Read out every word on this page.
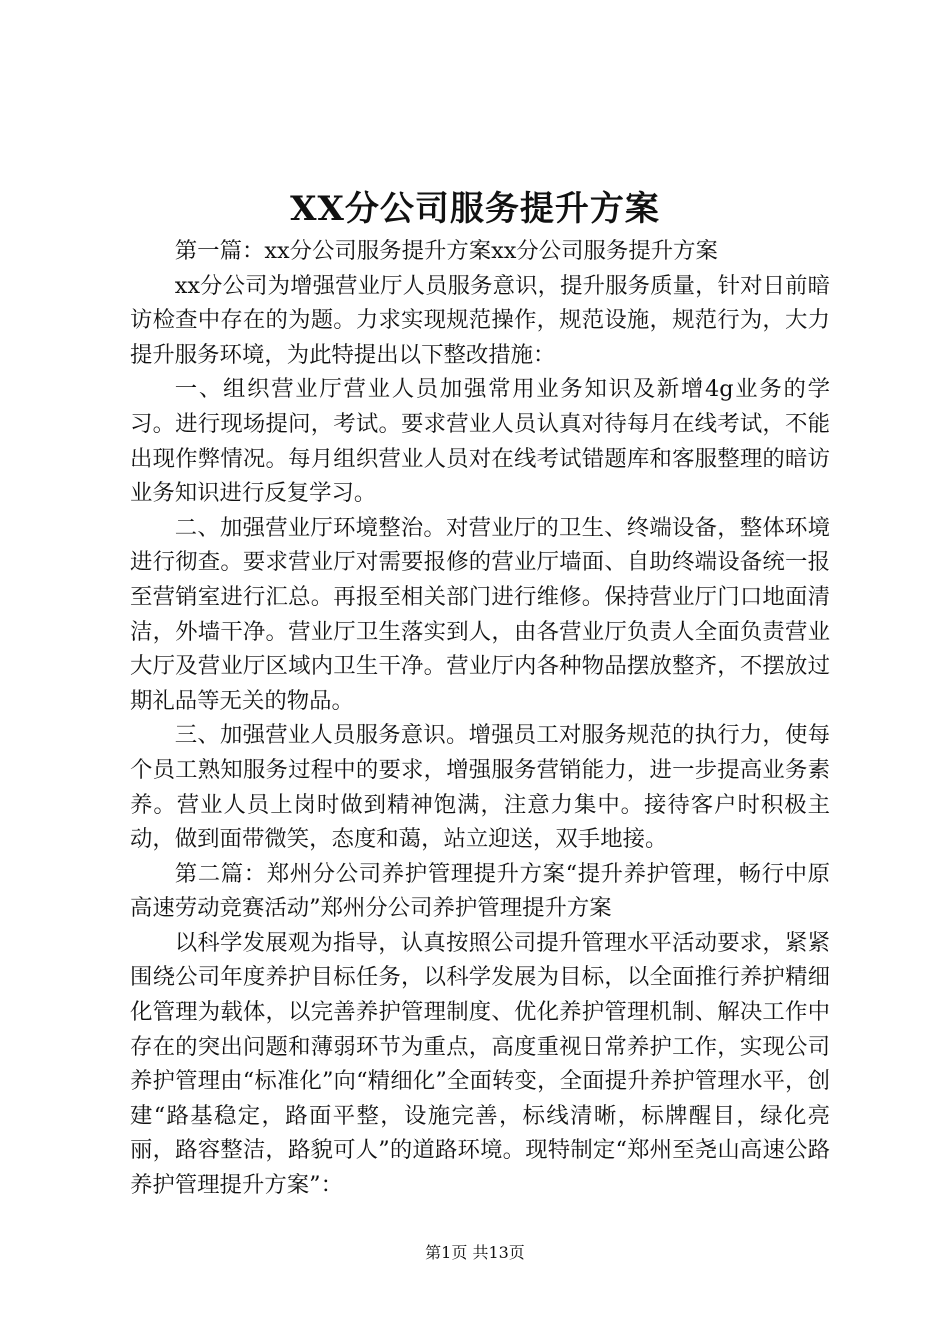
XX分公司服务提升方案

第一篇：xx分公司服务提升方案xx分公司服务提升方案

xx分公司为增强营业厅人员服务意识，提升服务质量，针对日前暗访检查中存在的为题。力求实现规范操作，规范设施，规范行为，大力提升服务环境，为此特提出以下整改措施：

一、组织营业厅营业人员加强常用业务知识及新增4g业务的学习。进行现场提问，考试。要求营业人员认真对待每月在线考试，不能出现作弊情况。每月组织营业人员对在线考试错题库和客服整理的暗访业务知识进行反复学习。

二、加强营业厅环境整治。对营业厅的卫生、终端设备，整体环境进行彻查。要求营业厅对需要报修的营业厅墙面、自助终端设备统一报至营销室进行汇总。再报至相关部门进行维修。保持营业厅门口地面清洁，外墙干净。营业厅卫生落实到人，由各营业厅负责人全面负责营业大厅及营业厅区域内卫生干净。营业厅内各种物品摆放整齐，不摆放过期礼品等无关的物品。

三、加强营业人员服务意识。增强员工对服务规范的执行力，使每个员工熟知服务过程中的要求，增强服务营销能力，进一步提高业务素养。营业人员上岗时做到精神饱满，注意力集中。接待客户时积极主动，做到面带微笑，态度和蔼，站立迎送，双手地接。

第二篇：郑州分公司养护管理提升方案“提升养护管理，畅行中原高速劳动竞赛活动”郑州分公司养护管理提升方案

以科学发展观为指导，认真按照公司提升管理水平活动要求，紧紧围绕公司年度养护目标任务，以科学发展为目标，以全面推行养护精细化管理为载体，以完善养护管理制度、优化养护管理机制、解决工作中存在的突出问题和薄弱环节为重点，高度重视日常养护工作，实现公司养护管理由“标准化”向“精细化”全面转变，全面提升养护管理水平，创建“路基稳定，路面平整，设施完善，标线清晰，标牌醒目，绿化亮丽，路容整洁，路貌可人”的道路环境。现特制定“郑州至尧山高速公路养护管理提升方案”：

第1页 共13页
